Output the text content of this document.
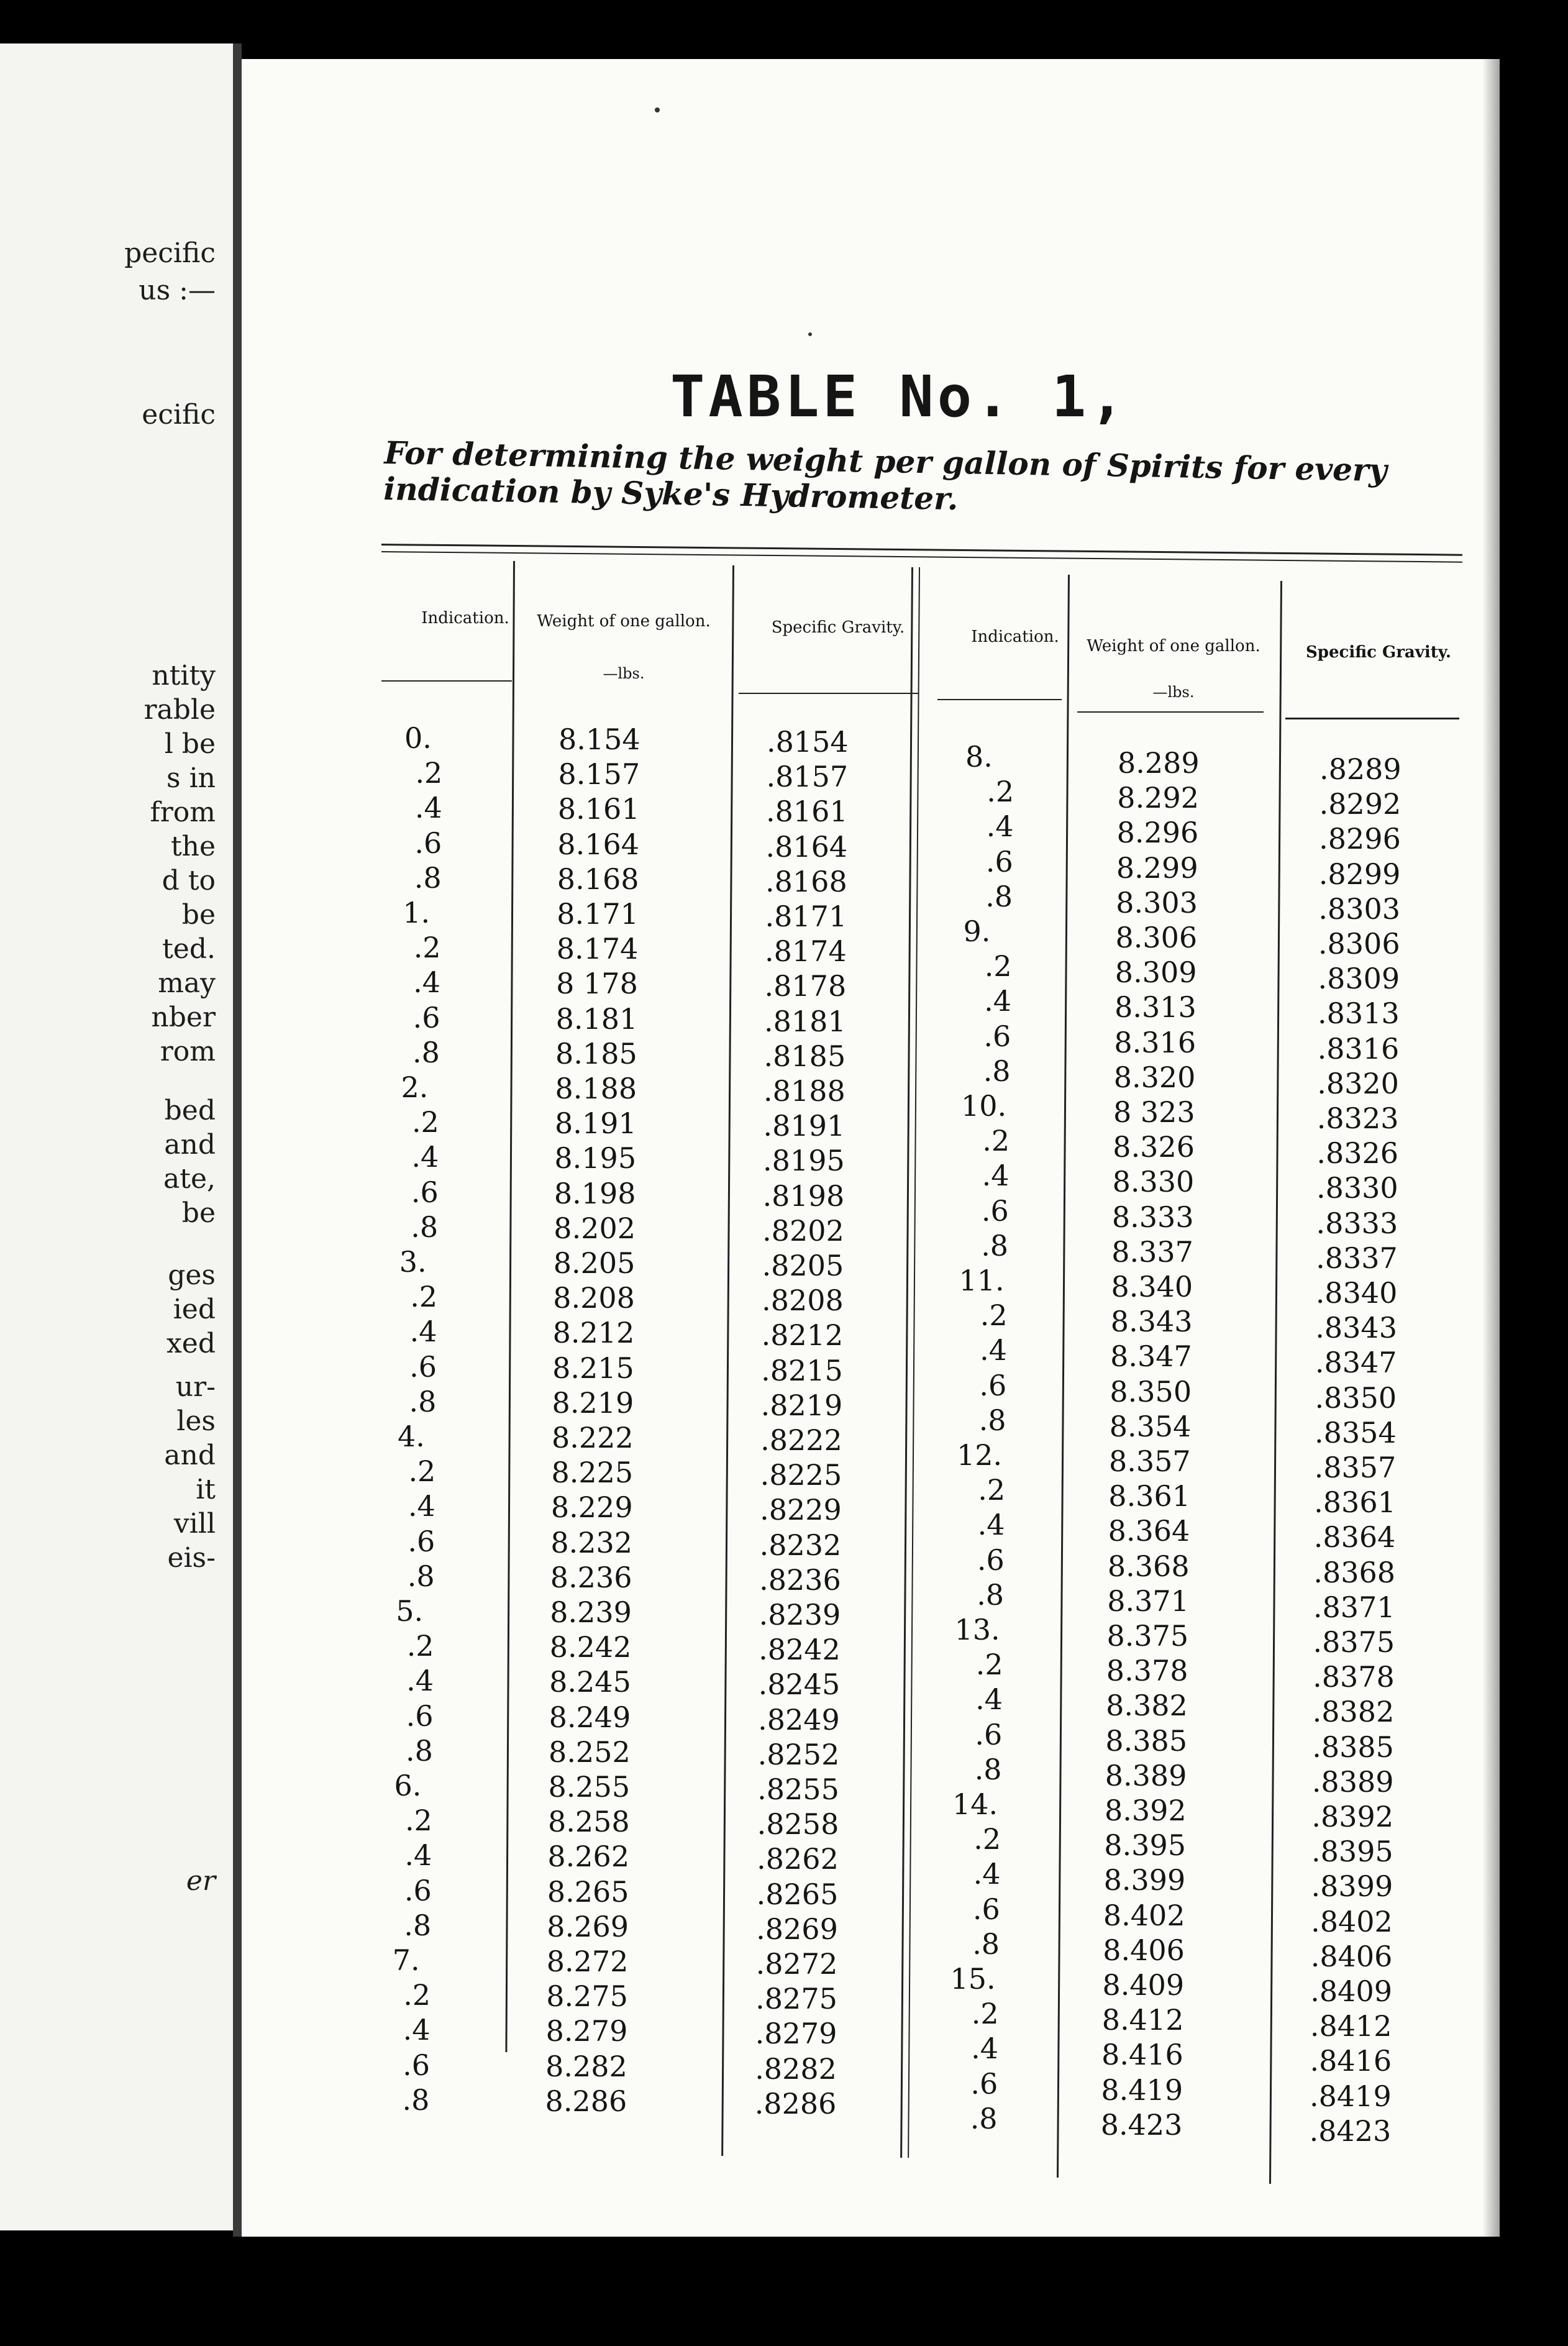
pecific
us :—
ecific
ntity
rable
l be
s in
from
the
d to
be
ted.
may
nber
rom
bed
and
ate,
be
ges
ied
xed
ur-
les
and
it
vill
eis-
er
TABLE No. 1,
For determining the weight per gallon of Spirits for every indication by Syke's Hydrometer.
Indication.	Weight of one gallon.
—lbs.
Specific Gravity.	Indication.	Weight of one gallon.
—lbs.
Specific Gravity.
0.	8.154	.8154
.2	8.157	.8157
.4	8.161	.8161
.6	8.164	.8164
.8	8.168	.8168
1.	8.171	.8171
.2	8.174	.8174
.4	8 178	.8178
.6	8.181	.8181
.8	8.185	.8185
2.	8.188	.8188
.2	8.191	.8191
.4	8.195	.8195
.6	8.198	.8198
.8	8.202	.8202
3.	8.205	.8205
.2	8.208	.8208
.4	8.212	.8212
.6	8.215	.8215
.8	8.219	.8219
4.	8.222	.8222
.2	8.225	.8225
.4	8.229	.8229
.6	8.232	.8232
.8	8.236	.8236
5.	8.239	.8239
.2	8.242	.8242
.4	8.245	.8245
.6	8.249	.8249
.8	8.252	.8252
6.	8.255	.8255
.2	8.258	.8258
.4	8.262	.8262
.6	8.265	.8265
.8	8.269	.8269
7.	8.272	.8272
.2	8.275	.8275
.4	8.279	.8279
.6	8.282	.8282
.8	8.286	.8286
8.	8.289	.8289
.2	8.292	.8292
.4	8.296	.8296
.6	8.299	.8299
.8	8.303	.8303
9.	8.306	.8306
.2	8.309	.8309
.4	8.313	.8313
.6	8.316	.8316
.8	8.320	.8320
10.	8 323	.8323
.2	8.326	.8326
.4	8.330	.8330
.6	8.333	.8333
.8	8.337	.8337
11.	8.340	.8340
.2	8.343	.8343
.4	8.347	.8347
.6	8.350	.8350
.8	8.354	.8354
12.	8.357	.8357
.2	8.361	.8361
.4	8.364	.8364
.6	8.368	.8368
.8	8.371	.8371
13.	8.375	.8375
.2	8.378	.8378
.4	8.382	.8382
.6	8.385	.8385
.8	8.389	.8389
14.	8.392	.8392
.2	8.395	.8395
.4	8.399	.8399
.6	8.402	.8402
.8	8.406	.8406
15.	8.409	.8409
.2	8.412	.8412
.4	8.416	.8416
.6	8.419	.8419
.8	8.423	.8423
